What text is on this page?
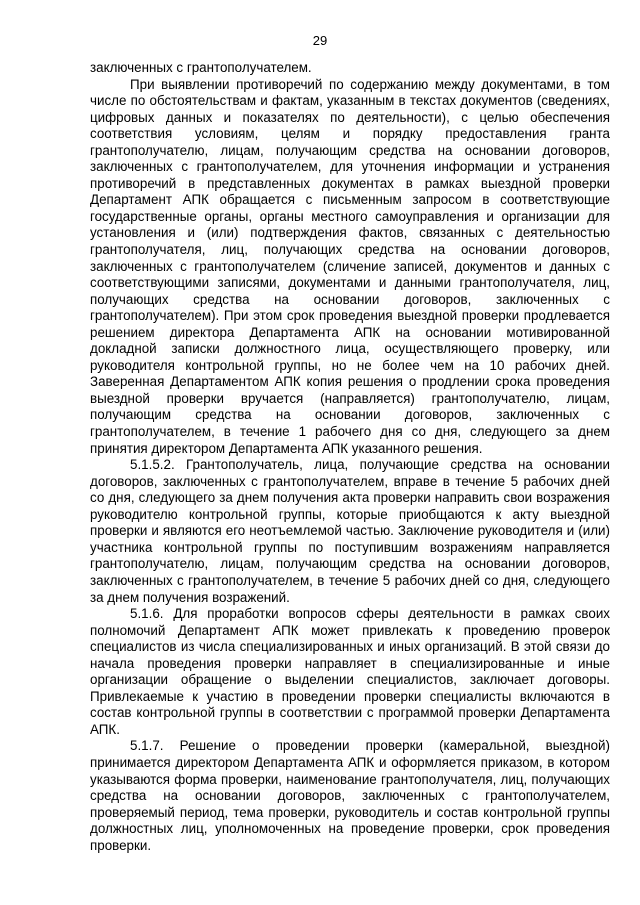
29

заключенных с грантополучателем.

При выявлении противоречий по содержанию между документами, в том числе по обстоятельствам и фактам, указанным в текстах документов (сведениях, цифровых данных и показателях по деятельности), с целью обеспечения соответствия условиям, целям и порядку предоставления гранта грантополучателю, лицам, получающим средства на основании договоров, заключенных с грантополучателем, для уточнения информации и устранения противоречий в представленных документах в рамках выездной проверки Департамент АПК обращается с письменным запросом в соответствующие государственные органы, органы местного самоуправления и организации для установления и (или) подтверждения фактов, связанных с деятельностью грантополучателя, лиц, получающих средства на основании договоров, заключенных с грантополучателем (сличение записей, документов и данных с соответствующими записями, документами и данными грантополучателя, лиц, получающих средства на основании договоров, заключенных с грантополучателем). При этом срок проведения выездной проверки продлевается решением директора Департамента АПК на основании мотивированной докладной записки должностного лица, осуществляющего проверку, или руководителя контрольной группы, но не более чем на 10 рабочих дней. Заверенная Департаментом АПК копия решения о продлении срока проведения выездной проверки вручается (направляется) грантополучателю, лицам, получающим средства на основании договоров, заключенных с грантополучателем, в течение 1 рабочего дня со дня, следующего за днем принятия директором Департамента АПК указанного решения.

5.1.5.2. Грантополучатель, лица, получающие средства на основании договоров, заключенных с грантополучателем, вправе в течение 5 рабочих дней со дня, следующего за днем получения акта проверки направить свои возражения руководителю контрольной группы, которые приобщаются к акту выездной проверки и являются его неотъемлемой частью. Заключение руководителя и (или) участника контрольной группы по поступившим возражениям направляется грантополучателю, лицам, получающим средства на основании договоров, заключенных с грантополучателем, в течение 5 рабочих дней со дня, следующего за днем получения возражений.

5.1.6. Для проработки вопросов сферы деятельности в рамках своих полномочий Департамент АПК может привлекать к проведению проверок специалистов из числа специализированных и иных организаций. В этой связи до начала проведения проверки направляет в специализированные и иные организации обращение о выделении специалистов, заключает договоры. Привлекаемые к участию в проведении проверки специалисты включаются в состав контрольной группы в соответствии с программой проверки Департамента АПК.

5.1.7. Решение о проведении проверки (камеральной, выездной) принимается директором Департамента АПК и оформляется приказом, в котором указываются форма проверки, наименование грантополучателя, лиц, получающих средства на основании договоров, заключенных с грантополучателем, проверяемый период, тема проверки, руководитель и состав контрольной группы должностных лиц, уполномоченных на проведение проверки, срок проведения проверки.
